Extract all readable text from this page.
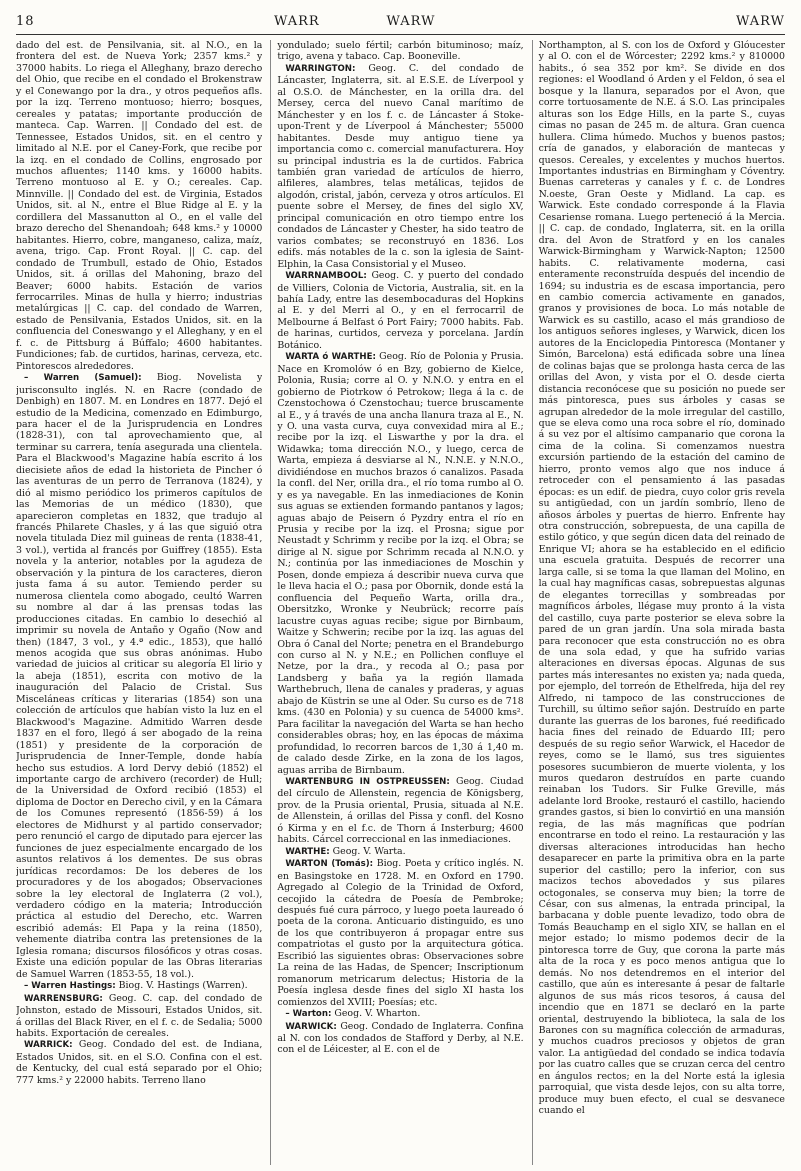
18	WARR	WARW	WARW

dado del est. de Pensilvania, sit. al N.O., en la frontera del est. de Nueva York; 2357 kms.² y 37000 habits. Lo riega el Alleghany, brazo derecho del Ohio, que recibe en el condado el Brokenstraw y el Conewango por la dra., y otros pequeños afls. por la izq. Terreno montuoso; hierro; bosques, cereales y patatas; importante producción de manteca. Cap. Warren. || Condado del est. de Tennessee, Estados Unidos, sit. en el centro y limitado al N.E. por el Caney-Fork, que recibe por la izq. en el condado de Collins, engrosado por muchos afluentes; 1140 kms. y 16000 habits. Terreno montuoso al E. y O.; cereales. Cap. Minnville. || Condado del est. de Virginia, Estados Unidos, sit. al N., entre el Blue Ridge al E. y la cordillera del Massanutton al O., en el valle del brazo derecho del Shenandoah; 648 kms.² y 10000 habitantes. Hierro, cobre, manganeso, caliza, maíz, avena, trigo. Cap. Front Royal. || C. cap. del condado de Trumbull, estado de Ohio, Estados Unidos, sit. á orillas del Mahoning, brazo del Beaver; 6000 habits. Estación de varios ferrocarriles. Minas de hulla y hierro; industrias metalúrgicas || C. cap. del condado de Warren, estado de Pensilvania, Estados Unidos, sit. en la confluencia del Coneswango y el Alleghany, y en el f. c. de Pittsburg á Búffalo; 4600 habitantes. Fundiciones; fab. de curtidos, harinas, cerveza, etc. Pintorescos alrededores.

– Warren (Samuel): Biog. Novelista y jurisconsulto inglés. N. en Racre (condado de Denbigh) en 1807. M. en Londres en 1877. Dejó el estudio de la Medicina, comenzado en Edimburgo, para hacer el de la Jurisprudencia en Londres (1828-31), con tal aprovechamiento que, al terminar su carrera, tenía asegurada una clientela. Para el Blackwood's Magazine había escrito á los diecisiete años de edad la historieta de Pincher ó las aventuras de un perro de Terranova (1824), y dió al mismo periódico los primeros capítulos de las Memorias de un médico (1830), que aparecieron completas en 1832, que tradujo al francés Philarete Chasles, y á las que siguió otra novela titulada Diez mil guineas de renta (1838-41, 3 vol.), vertida al francés por Guiffrey (1855). Esta novela y la anterior, notables por la agudeza de observación y la pintura de los caracteres, dieron justa fama á su autor. Temiendo perder su numerosa clientela como abogado, ceultó Warren su nombre al dar á las prensas todas las producciones citadas. En cambio lo desechió al imprimir su novela de Antaño y Ogaño (Now and then) (1847, 3 vol., y 4.ª edic., 1853), que halló menos acogida que sus obras anónimas. Hubo variedad de juicios al criticar su alegoría El lirio y la abeja (1851), escrita con motivo de la inauguración del Palacio de Cristal. Sus Misceláneas críticas y literarias (1854) son una colección de artículos que habían visto la luz en el Blackwood's Magazine. Admitido Warren desde 1837 en el foro, llegó á ser abogado de la reina (1851) y presidente de la corporación de Jurisprudencia de Inner-Temple, donde había hecho sus estudios. A lord Dervy debió (1852) el importante cargo de archivero (recorder) de Hull; de la Universidad de Oxford recibió (1853) el diploma de Doctor en Derecho civil, y en la Cámara de los Comunes representó (1856-59) á los electores de Midhurst y al partido conservador; pero renunció el cargo de diputado para ejercer las funciones de juez especialmente encargado de los asuntos relativos á los dementes. De sus obras jurídicas recordamos: De los deberes de los procuradores y de los abogados; Observaciones sobre la ley electoral de Inglaterra (2 vol.), verdadero código en la materia; Introducción práctica al estudio del Derecho, etc. Warren escribió además: El Papa y la reina (1850), vehemente diatriba contra las pretensiones de la Iglesia romana; discursos filosóficos y otras cosas. Existe una edición popular de las Obras literarias de Samuel Warren (1853-55, 18 vol.).

– Warren Hastings: Biog. V. Hastings (Warren).

WARRENSBURG: Geog. C. cap. del condado de Johnston, estado de Missouri, Estados Unidos, sit. á orillas del Black River, en el f. c. de Sedalia; 5000 habits. Exportación de cereales.

WARRICK: Geog. Condado del est. de Indiana, Estados Unidos, sit. en el S.O. Confina con el est. de Kentucky, del cual está separado por el Ohio; 777 kms.² y 22000 habits. Terreno llano

yondulado; suelo fértil; carbón bituminoso; maíz, trigo, avena y tabaco. Cap. Booneville.

WARRINGTON: Geog. C. del condado de Láncaster, Inglaterra, sit. al E.S.E. de Líverpool y al O.S.O. de Mánchester, en la orilla dra. del Mersey, cerca del nuevo Canal marítimo de Mánchester y en los f. c. de Láncaster á Stoke-upon-Trent y de Líverpool á Mánchester; 55000 habitantes. Desde muy antiguo tiene ya importancia como c. comercial manufacturera. Hoy su principal industria es la de curtidos. Fabrica también gran variedad de artículos de hierro, alfileres, alambres, telas metálicas, tejidos de algodón, cristal, jabón, cerveza y otros artículos. El puente sobre el Mersey, de fines del siglo XV, principal comunicación en otro tiempo entre los condados de Láncaster y Chester, ha sido teatro de varios combates; se reconstruyó en 1836. Los edifs. más notables de la c. son la iglesia de Saint-Elphin, la Casa Consistorial y el Museo.

WARRNAMBOOL: Geog. C. y puerto del condado de Villiers, Colonia de Victoria, Australia, sit. en la bahía Lady, entre las desembocaduras del Hopkins al E. y del Merri al O., y en el ferrocarril de Melbourne á Belfast ó Port Fairy; 7000 habits. Fab. de harinas, curtidos, cerveza y porcelana. Jardín Botánico.

WARTA ó WARTHE: Geog. Río de Polonia y Prusia. Nace en Kromolów ó en Bzy, gobierno de Kielce, Polonia, Rusia; corre al O. y N.N.O. y entra en el gobierno de Piotrkow ó Petrokow; llega á la c. de Czenstochowa ó Czenstochau; tuerce bruscamente al E., y á través de una ancha llanura traza al E., N. y O. una vasta curva, cuya convexidad mira al E.; recibe por la izq. el Liswarthe y por la dra. el Widawka; toma dirección N.O., y luego, cerca de Warta, empieza á desviarse al N., N.N.E. y N.N.O., dividiéndose en muchos brazos ó canalizos. Pasada la confl. del Ner, orilla dra., el río toma rumbo al O. y es ya navegable. En las inmediaciones de Konin sus aguas se extienden formando pantanos y lagos; aguas abajo de Peisern ó Pyzdry entra el río en Prusia y recibe por la izq. el Prosna; sigue por Neustadt y Schrimm y recibe por la izq. el Obra; se dirige al N. sigue por Schrimm recada al N.N.O. y N.; continúa por las inmediaciones de Moschin y Posen, donde empieza á describir nueva curva que le lleva hacia el O.; pasa por Obornik, donde está la confluencia del Pequeño Warta, orilla dra., Obersitzko, Wronke y Neubrück; recorre país lacustre cuyas aguas recibe; sigue por Birnbaum, Waitze y Schwerin; recibe por la izq. las aguas del Obra ó Canal del Norte; penetra en el Brandeburgo con curso al N. y N.E.; en Pollichen confluye el Netze, por la dra., y recoda al O.; pasa por Landsberg y baña ya la región llamada Warthebruch, llena de canales y praderas, y aguas abajo de Küstrin se une al Oder. Su curso es de 718 kms. (430 en Polonia) y su cuenca de 54000 kms². Para facilitar la navegación del Warta se han hecho considerables obras; hoy, en las épocas de máxima profundidad, lo recorren barcos de 1,30 á 1,40 m. de calado desde Zirke, en la zona de los lagos, aguas arriba de Birnbaum.

WARTENBURG IN OSTPREUSSEN: Geog. Ciudad del círculo de Allenstein, regencia de Königsberg, prov. de la Prusia oriental, Prusia, situada al N.E. de Allenstein, á orillas del Pissa y confl. del Kosno ó Kirma y en el f.c. de Thorn á Insterburg; 4600 habits. Cárcel correccional en las inmediaciones.

WARTHE: Geog. V. Warta.

WARTON (Tomás): Biog. Poeta y crítico inglés. N. en Basingstoke en 1728. M. en Oxford en 1790. Agregado al Colegio de la Trinidad de Oxford, cecojido la cátedra de Poesía de Pembroke; después fué cura párroco, y luego poeta laureado ó poeta de la corona. Anticuario distinguido, es uno de los que contribuyeron á propagar entre sus compatriotas el gusto por la arquitectura gótica. Escribió las siguientes obras: Observaciones sobre La reina de las Hadas, de Spencer; Inscriptionum romanorum metricarum delectus; Historia de la Poesía inglesa desde fines del siglo XI hasta los comienzos del XVIII; Poesías; etc.

– Warton: Geog. V. Wharton.

WARWICK: Geog. Condado de Inglaterra. Confina al N. con los condados de Stafford y Derby, al N.E. con el de Léicester, al E. con el de

Northampton, al S. con los de Oxford y Glóucester y al O. con el de Wórcester; 2292 kms.² y 810000 habits., ó sea 352 por km². Se divide en dos regiones: el Woodland ó Arden y el Feldon, ó sea el bosque y la llanura, separados por el Avon, que corre tortuosamente de N.E. á S.O. Las principales alturas son los Edge Hills, en la parte S., cuyas cimas no pasan de 245 m. de altura. Gran cuenca hullera. Clima húmedo. Muchos y buenos pastos; cría de ganados, y elaboración de mantecas y quesos. Cereales, y excelentes y muchos huertos. Importantes industrias en Birmingham y Cóventry. Buenas carreteras y canales y f. c. de Londres N.oeste, Gran Oeste y Midland. La cap. es Warwick. Este condado corresponde á la Flavia Cesariense romana. Luego perteneció á la Mercia. || C. cap. de condado, Inglaterra, sit. en la orilla dra. del Avon de Stratford y en los canales Warwick-Birmingham y Warwick-Napton; 12500 habits. C. relativamente moderna, casi enteramente reconstruída después del incendio de 1694; su industria es de escasa importancia, pero en cambio comercia activamente en ganados, granos y provisiones de boca. Lo más notable de Warwick es su castillo, acaso el más grandioso de los antiguos señores ingleses, y Warwick, dicen los autores de la Enciclopedia Pintoresca (Montaner y Simón, Barcelona) está edificada sobre una línea de colinas bajas que se prolonga hasta cerca de las orillas del Avon, y vista por el O. desde cierta distancia reconócese que su posición no puede ser más pintoresca, pues sus árboles y casas se agrupan alrededor de la mole irregular del castillo, que se eleva como una roca sobre el río, dominado á su vez por el altísimo campanario que corona la cima de la colina. Si comenzamos nuestra excursión partiendo de la estación del camino de hierro, pronto vemos algo que nos induce á retroceder con el pensamiento á las pasadas épocas: es un edif. de piedra, cuyo color gris revela su antigüedad, con un jardín sombrío, lleno de añosos árboles y puertas de hierro. Enfrente hay otra construcción, sobrepuesta, de una capilla de estilo gótico, y que según dicen data del reinado de Enrique VI; ahora se ha establecido en el edificio una escuela gratuita. Después de recorrer una larga calle, si se toma la que llaman del Molino, en la cual hay magníficas casas, sobrepuestas algunas de elegantes torrecillas y sombreadas por magníficos árboles, llégase muy pronto á la vista del castillo, cuya parte posterior se eleva sobre la pared de un gran jardín. Una sola mirada basta para reconocer que esta construcción no es obra de una sola edad, y que ha sufrido varias alteraciones en diversas épocas. Algunas de sus partes más interesantes no existen ya; nada queda, por ejemplo, del torreón de Ethelfreda, hija del rey Alfredo, ni tampoco de las construcciones de Turchill, su último señor sajón. Destruído en parte durante las guerras de los barones, fué reedificado hacia fines del reinado de Eduardo III; pero después de su regio señor Warwick, el Hacedor de reyes, como se le llamó, sus tres siguientes posesores sucumbieron de muerte violenta, y los muros quedaron destruídos en parte cuando reinaban los Tudors. Sir Fulke Greville, más adelante lord Brooke, restauró el castillo, haciendo grandes gastos, si bien lo convirtió en una mansión regia, de las más magníficas que podrían encontrarse en todo el reino. La restauración y las diversas alteraciones introducidas han hecho desaparecer en parte la primitiva obra en la parte superior del castillo; pero la inferior, con sus macizos techos abovedados y sus pilares octogonales, se conserva muy bien; la torre de César, con sus almenas, la entrada principal, la barbacana y doble puente levadizo, todo obra de Tomás Beauchamp en el siglo XIV, se hallan en el mejor estado; lo mismo podemos decir de la pintoresca torre de Guy, que corona la parte más alta de la roca y es poco menos antigua que lo demás. No nos detendremos en el interior del castillo, que aún es interesante á pesar de faltarle algunos de sus más ricos tesoros, á causa del incendio que en 1871 se declaró en la parte oriental, destruyendo la biblioteca, la sala de los Barones con su magnífica colección de armaduras, y muchos cuadros preciosos y objetos de gran valor. La antigüedad del condado se indica todavía por las cuatro calles que se cruzan cerca del centro en ángulos rectos; en la del Norte está la iglesia parroquial, que vista desde lejos, con su alta torre, produce muy buen efecto, el cual se desvanece cuando el
